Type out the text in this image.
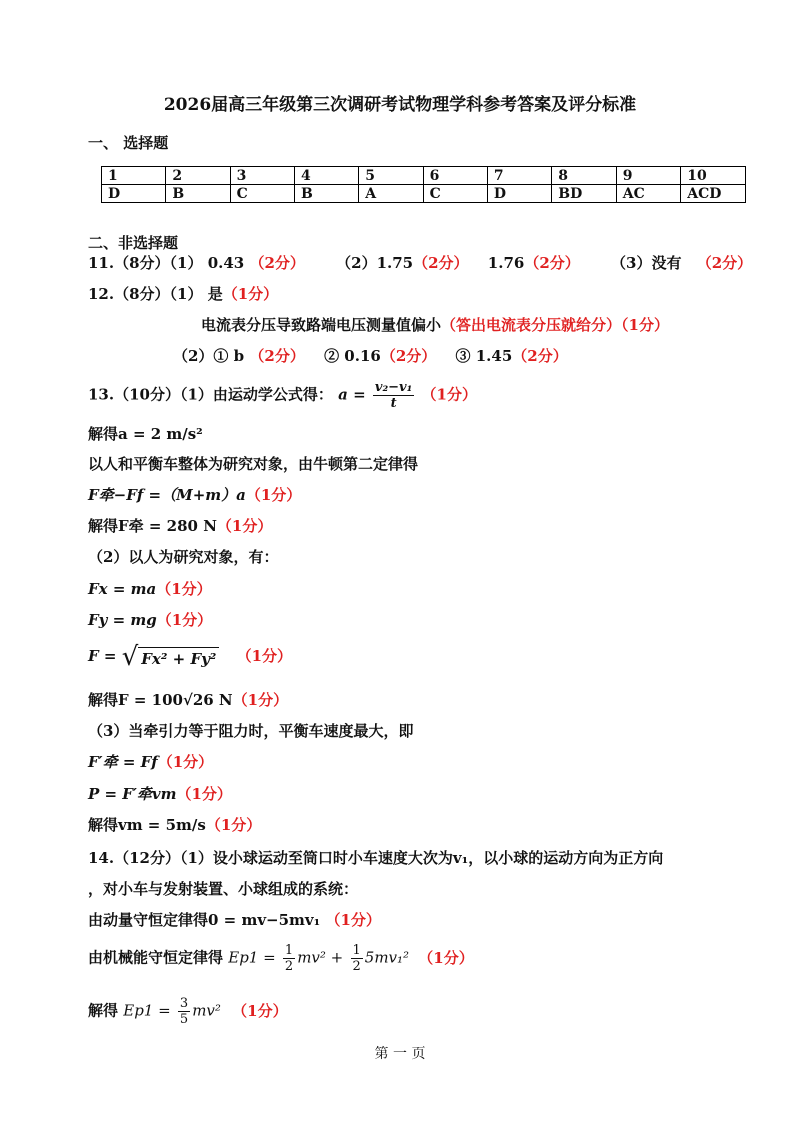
2026届高三年级第三次调研考试物理学科参考答案及评分标准
一、 选择题
1	2	3	4	5	6	7	8	9	10
D	B	C	B	A	C	D	BD	AC	ACD
二、非选择题
11.（8分）（1） 0.43 （2分） （2）1.75（2分） 1.76（2分） （3）没有 （2分）
12.（8分）（1） 是（1分）
电流表分压导致路端电压测量值偏小（答出电流表分压就给分）（1分）
（2）① b （2分） ② 0.16（2分） ③ 1.45（2分）
13.（10分）（1）由运动学公式得： $a = \frac{\text{v₂−v₁}}{t} (1$分）
解得a = 2 m/s²
以人和平衡车整体为研究对象，由牛顿第二定律得
F牵−Ff =（M+m）a（1分）
解得F牵 = 280 N（1分）
（2）以人为研究对象，有：
Fx = ma（1分）
Fy = mg（1分）
F = √ Fx² + Fy² （1分）
解得F = 100√26 N（1分）
（3）当牵引力等于阻力时，平衡车速度最大，即
F′牵 = Ff（1分）
P = F′牵vm（1分）
解得vm = 5m/s（1分）
14.（12分）（1）设小球运动至筒口时小车速度大次为v₁，以小球的运动方向为正方向
，对小车与发射装置、小球组成的系统：
由动量守恒定律得0 = mv−5mv₁ （1分）
由机械能守恒定律得 $Ep1 = \frac{1}{2} mv^2 + \frac{1}{2} 5mv_1^2$ （1分）
解得 $Ep1 = \frac{3}{5} mv^2$ （1分）
第 一 页
